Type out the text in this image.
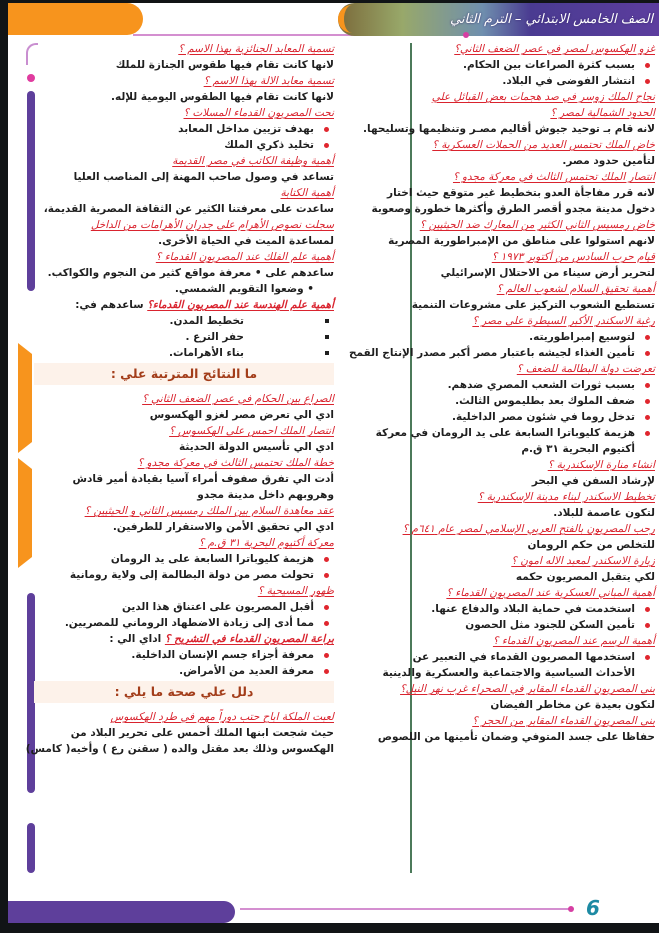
الصف الخامس الابتدائي – الترم الثاني
غزو الهكسوس لمصر في عصر الضعف الثاني؟
بسبب كثرة الصراعات بين الحكام.
انتشار الفوضى في البلاد.
نجاح الملك زوسر في صد هجمات بعض القبائل علي
الحدود الشمالية لمصر ؟
لانه قام بـ توحيد جيوش أقاليم مصـر وتنظيمها وتسليحها.
خاض الملك تحتمس العديد من الحملات العسكرية ؟
لتأمين حدود مصر.
انتصار الملك تحتمس الثالث في معركة مجدو ؟
لانه قرر مفاجأة العدو بتخطيط غير متوقع حيث اختار
دخول مدينة مجدو أقصر الطرق وأكثرها خطورة وصعوبة
خاض رمسيس الثاني الكثير من المعارك ضد الحيثيين ؟
لانهم استولوا على مناطق من الإمبراطورية المصرية
قيام حرب السادس من أكتوبر ١٩٧٣ ؟
لتحرير أرض سيناء من الاحتلال الإسرائيلي
أهمية تحقيق السلام لشعوب العالم ؟
تستطيع الشعوب التركيز على مشروعات التنمية
رغبة الاسكندر الأكبر السيطرة على مصر ؟
لتوسيع إمبراطوريته.
تأمين الغذاء لجيشه باعتبار مصر أكبر مصدر الإنتاج القمح
تعرضت دولة البطالمة للضعف ؟
بسبب ثورات الشعب المصري ضدهم.
ضعف الملوك بعد بطليموس الثالث.
تدخل روما في شئون مصر الداخلية.
هزيمة كليوباترا السابعة على يد الرومان في معركة
أكتيوم البحرية ٣١ ق.م
انشاء منارة الإسكندرية ؟
لإرشاد السفن في البحر
تخطيط الاسكندر لبناء مدينة الإسكندرية ؟
لتكون عاصمة للبلاد.
رحب المصريون بالفتح العربي الإسلامي لمصر عام ٦٤١م ؟
للتخلص من حكم الرومان
زيارة الاسكندر لمعبد الاله امون ؟
لكي يتقبل المصريون حكمه
أهمية المباني العسكرية عند المصريون القدماء ؟
استخدمت في حماية البلاد والدفاع عنها.
تأمين السكن للجنود مثل الحصون
أهمية الرسم عند المصريون القدماء ؟
استخدمها المصريون القدماء في التعبير عن
الأحداث السياسية والاجتماعية والعسكرية والدينية
بنى المصريون القدماء المقابر في الصحراء غرب نهر النيل؟
لتكون بعيدة عن مخاطر الفيضان
بنى المصريون القدماء المقابر من الحجر ؟
حفاظا على جسد المتوفي وضمان تأمينها من اللصوص
تسمية المعابد الجنائزية بهذا الاسم ؟
لانها كانت تقام فيها طقوس الجنازة للملك
تسمية معابد الالة بهذا الاسم ؟
لانها كانت تقام فيها الطقوس اليومية للإله.
نحت المصريون القدماء المسلات ؟
بهدف تزيين مداخل المعابد
تخليد ذكري الملك
أهمية وظيفة الكاتب في مصر القديمة
تساعد في وصول صاحب المهنة إلى المناصب العليا
أهمية الكتابة
ساعدت على معرفتنا الكثير عن الثقافة المصرية القديمة،
سجلت نصوص الأهرام على جدران الأهرامات من الداخل
لمساعدة الميت في الحياة الأخرى.
أهمية علم الفلك عند المصريون القدماء ؟
ساعدهم على • معرفة مواقع كثير من النجوم والكواكب.
• وضعوا التقويم الشمسي.
أهمية علم الهندسة عند المصريون القدماء؟ ساعدهم في:
تخطيط المدن.
حفر الترع .
بناء الأهرامات.
ما النتائج المترتبة علي :
الصراع بين الحكام في عصر الضعف الثاني ؟
ادي الي تعرض مصر لغزو الهكسوس
انتصار الملك احمس على الهكسوس ؟
ادي الي تأسيس الدولة الحديثة
خطة الملك تحتمس الثالث في معركة مجدو ؟
أدت الي تفرق صفوف أمراء آسيا بقيادة أمير قادش
وهروبهم داخل مدينة مجدو
عقد معاهدة السلام بين الملك رمسيس الثاني و الحيثيين ؟
ادي الي تحقيق الأمن والاستقرار للطرفين.
معركة أكتيوم البحرية ٣١ ق.م ؟
هزيمة كليوباترا السابعة على يد الرومان
تحولت مصر من دولة البطالمة إلى ولاية رومانية
ظهور المسيحية ؟
أقبل المصريون على اعتناق هذا الدين
مما أدى إلى زيادة الاضطهاد الروماني للمصريين.
براعة المصريون القدماء في التشريح ؟ اداي الي :
معرفة أجزاء جسم الإنسان الداخلية.
معرفة العديد من الأمراض.
دلل علي صحة ما يلي :
لعبت الملكة اباح حتب دوراً مهم في طرد الهكسوس
حيث شجعت ابنها الملك أحمس على تحرير البلاد من
الهكسوس وذلك بعد مقتل والده ( سقنن رع ) وأخيه( كامس)
6
